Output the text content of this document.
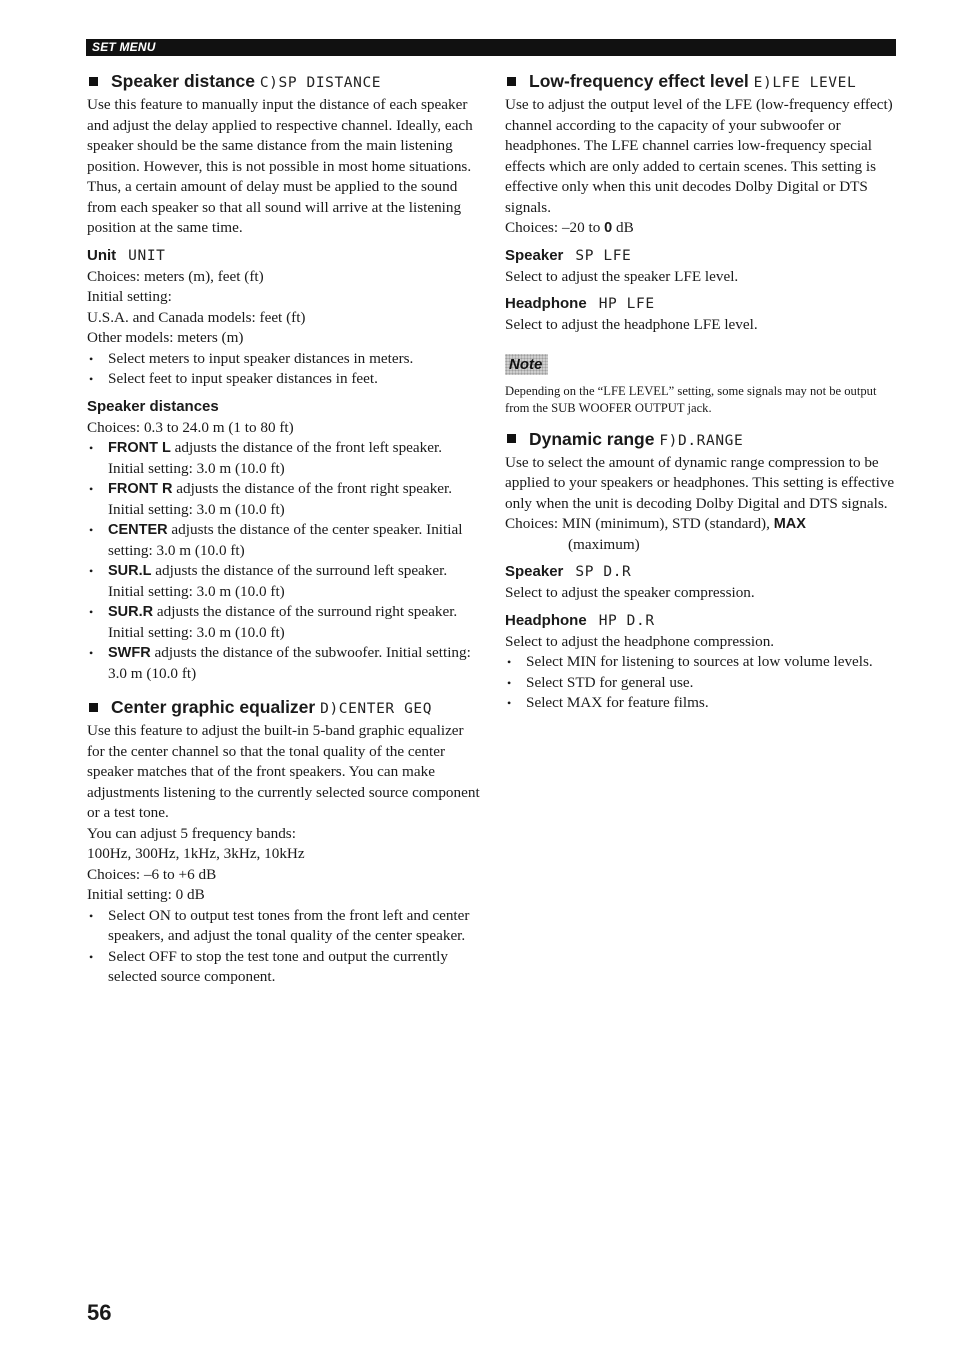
SET MENU
Speaker distance C)SP DISTANCE

Use this feature to manually input the distance of each speaker and adjust the delay applied to respective channel. Ideally, each speaker should be the same distance from the main listening position. However, this is not possible in most home situations. Thus, a certain amount of delay must be applied to the sound from each speaker so that all sound will arrive at the listening position at the same time.

Unit UNIT

Choices: meters (m), feet (ft)

Initial setting:

U.S.A. and Canada models: feet (ft)

Other models: meters (m)

• Select meters to input speaker distances in meters.
• Select feet to input speaker distances in feet.
Speaker distances

Choices: 0.3 to 24.0 m (1 to 80 ft)

• FRONT L adjusts the distance of the front left speaker. Initial setting: 3.0 m (10.0 ft)
• FRONT R adjusts the distance of the front right speaker. Initial setting: 3.0 m (10.0 ft)
• CENTER adjusts the distance of the center speaker. Initial setting: 3.0 m (10.0 ft)
• SUR.L adjusts the distance of the surround left speaker. Initial setting: 3.0 m (10.0 ft)
• SUR.R adjusts the distance of the surround right speaker. Initial setting: 3.0 m (10.0 ft)
• SWFR adjusts the distance of the subwoofer. Initial setting: 3.0 m (10.0 ft)
Center graphic equalizer D)CENTER GEQ

Use this feature to adjust the built-in 5-band graphic equalizer for the center channel so that the tonal quality of the center speaker matches that of the front speakers. You can make adjustments listening to the currently selected source component or a test tone.

You can adjust 5 frequency bands:

100Hz, 300Hz, 1kHz, 3kHz, 10kHz

Choices: –6 to +6 dB

Initial setting: 0 dB

• Select ON to output test tones from the front left and center speakers, and adjust the tonal quality of the center speaker.
• Select OFF to stop the test tone and output the currently selected source component.
Low-frequency effect level E)LFE LEVEL

Use to adjust the output level of the LFE (low-frequency effect) channel according to the capacity of your subwoofer or headphones. The LFE channel carries low-frequency special effects which are only added to certain scenes. This setting is effective only when this unit decodes Dolby Digital or DTS signals.

Choices: –20 to 0 dB

Speaker SP LFE

Select to adjust the speaker LFE level.

Headphone HP LFE

Select to adjust the headphone LFE level.

Note

Depending on the “LFE LEVEL” setting, some signals may not be output from the SUB WOOFER OUTPUT jack.

Dynamic range F)D.RANGE

Use to select the amount of dynamic range compression to be applied to your speakers or headphones. This setting is effective only when the unit is decoding Dolby Digital and DTS signals.

Choices: MIN (minimum), STD (standard), MAX

(maximum)

Speaker SP D.R

Select to adjust the speaker compression.

Headphone HP D.R

Select to adjust the headphone compression.

• Select MIN for listening to sources at low volume levels.
• Select STD for general use.
• Select MAX for feature films.
56
